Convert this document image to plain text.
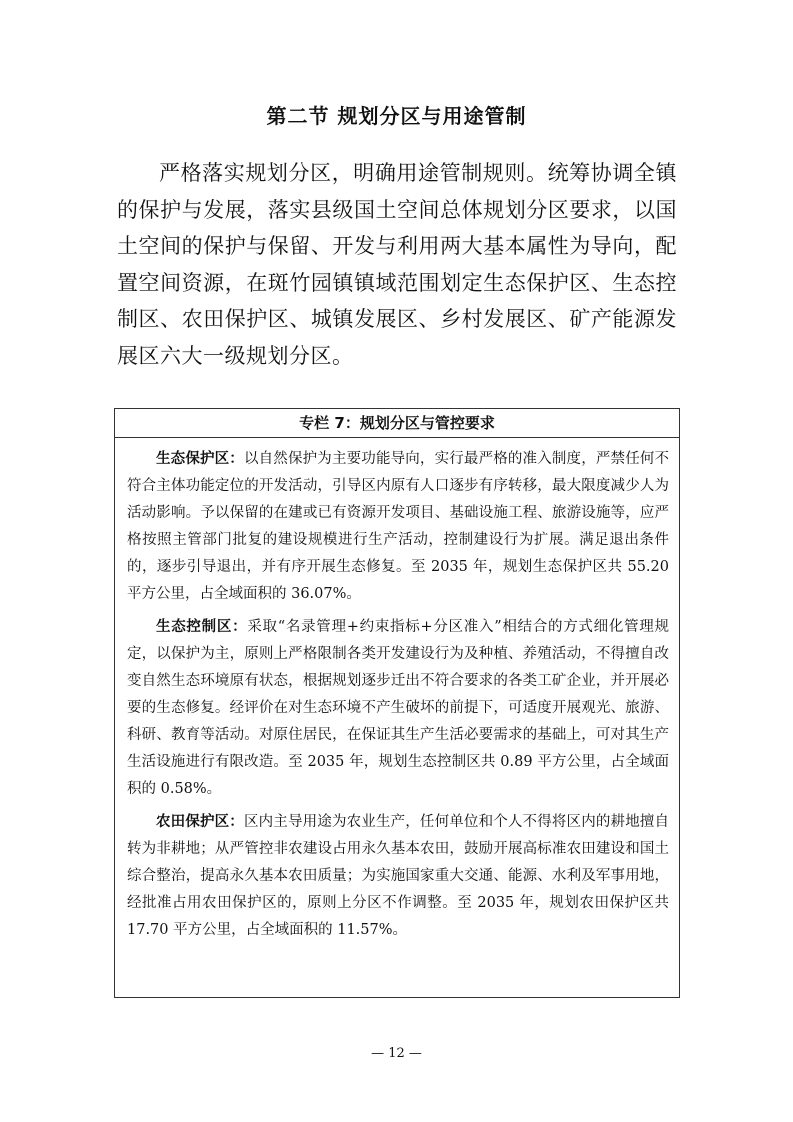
第二节 规划分区与用途管制

严格落实规划分区，明确用途管制规则。统筹协调全镇的保护与发展，落实县级国土空间总体规划分区要求，以国土空间的保护与保留、开发与利用两大基本属性为导向，配置空间资源，在斑竹园镇镇域范围划定生态保护区、生态控制区、农田保护区、城镇发展区、乡村发展区、矿产能源发展区六大一级规划分区。

专栏 7：规划分区与管控要求

生态保护区：以自然保护为主要功能导向，实行最严格的准入制度，严禁任何不符合主体功能定位的开发活动，引导区内原有人口逐步有序转移，最大限度减少人为活动影响。予以保留的在建或已有资源开发项目、基础设施工程、旅游设施等，应严格按照主管部门批复的建设规模进行生产活动，控制建设行为扩展。满足退出条件的，逐步引导退出，并有序开展生态修复。至 2035 年，规划生态保护区共 55.20 平方公里，占全域面积的 36.07%。

生态控制区：采取“名录管理+约束指标+分区准入”相结合的方式细化管理规定，以保护为主，原则上严格限制各类开发建设行为及种植、养殖活动，不得擅自改变自然生态环境原有状态，根据规划逐步迁出不符合要求的各类工矿企业，并开展必要的生态修复。经评价在对生态环境不产生破坏的前提下，可适度开展观光、旅游、科研、教育等活动。对原住居民，在保证其生产生活必要需求的基础上，可对其生产生活设施进行有限改造。至 2035 年，规划生态控制区共 0.89 平方公里，占全域面积的 0.58%。

农田保护区：区内主导用途为农业生产，任何单位和个人不得将区内的耕地擅自转为非耕地；从严管控非农建设占用永久基本农田，鼓励开展高标准农田建设和国土综合整治，提高永久基本农田质量；为实施国家重大交通、能源、水利及军事用地，经批准占用农田保护区的，原则上分区不作调整。至 2035 年，规划农田保护区共 17.70 平方公里，占全域面积的 11.57%。

— 12 —
